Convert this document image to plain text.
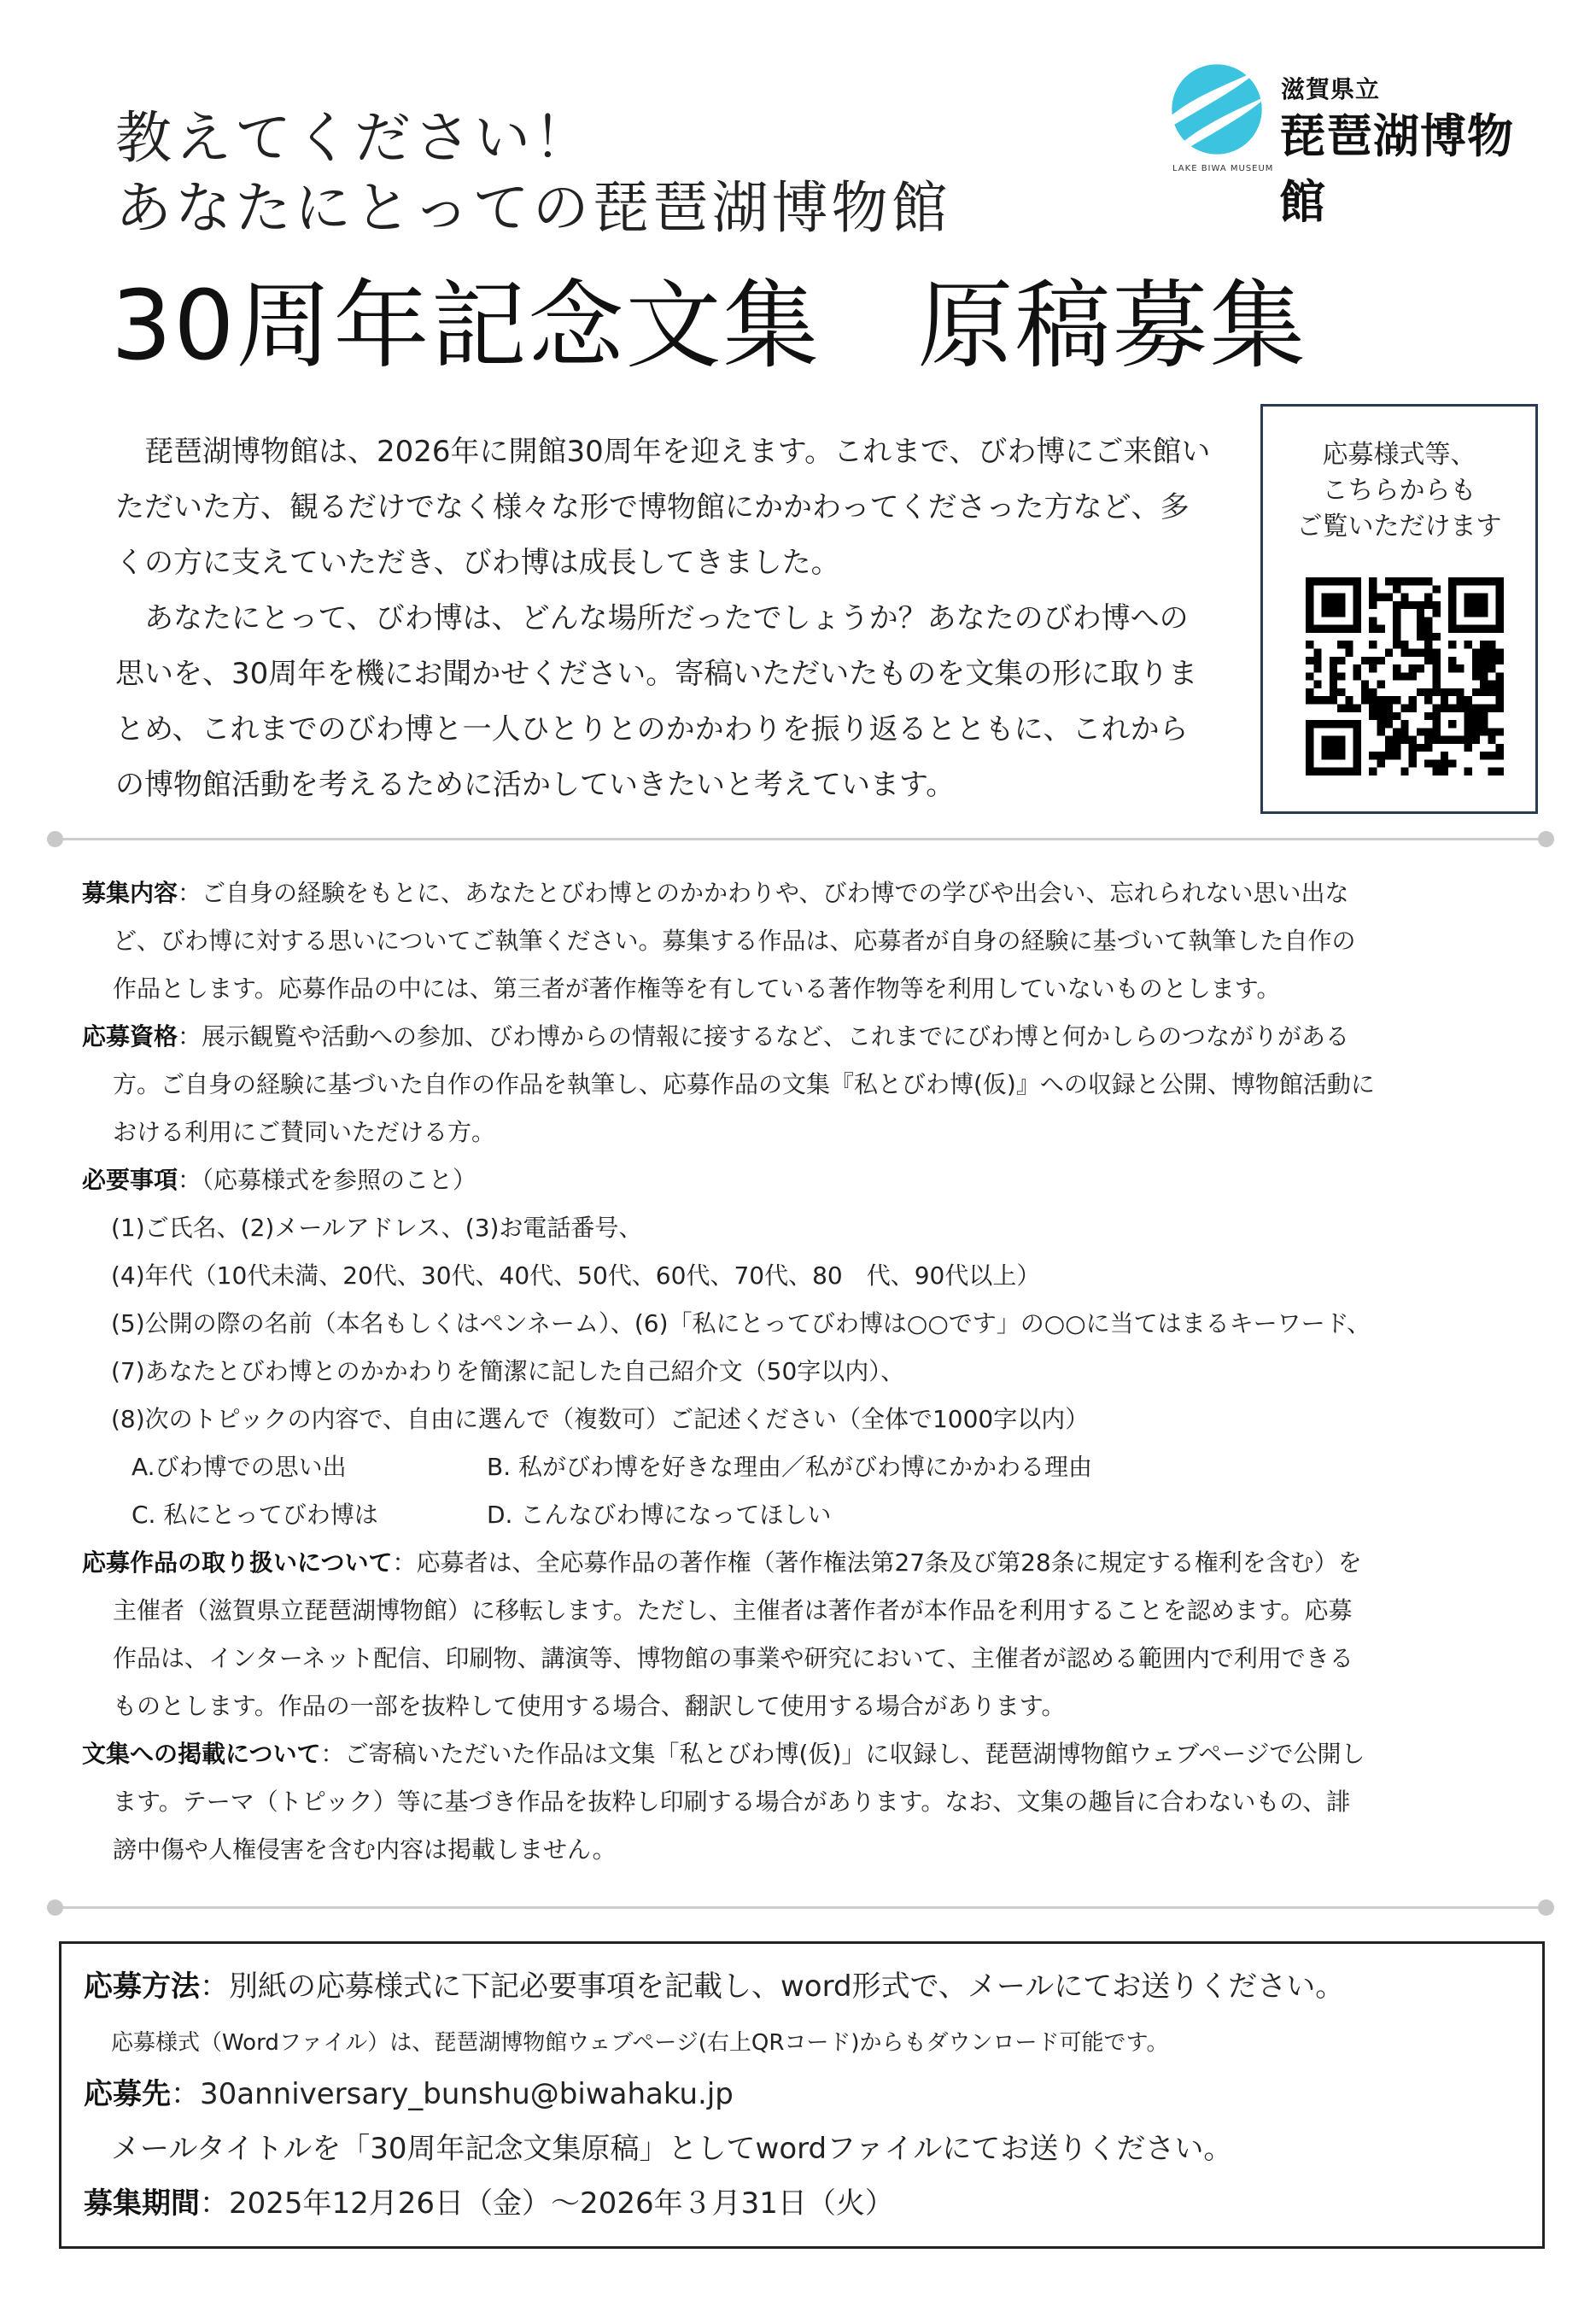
教えてください！
あなたにとっての琵琶湖博物館
30周年記念文集　原稿募集
滋賀県立
琵琶湖博物館
LAKE BIWA MUSEUM

琵琶湖博物館は、2026年に開館30周年を迎えます。これまで、びわ博にご来館いただいた方、観るだけでなく様々な形で博物館にかかわってくださった方など、多くの方に支えていただき、びわ博は成長してきました。

あなたにとって、びわ博は、どんな場所だったでしょうか？あなたのびわ博への思いを、30周年を機にお聞かせください。寄稿いただいたものを文集の形に取りまとめ、これまでのびわ博と一人ひとりとのかかわりを振り返るとともに、これからの博物館活動を考えるために活かしていきたいと考えています。

応募様式等、
こちらからも
ご覧いただけます
募集内容：ご自身の経験をもとに、あなたとびわ博とのかかわりや、びわ博での学びや出会い、忘れられない思い出な
ど、びわ博に対する思いについてご執筆ください。募集する作品は、応募者が自身の経験に基づいて執筆した自作の
作品とします。応募作品の中には、第三者が著作権等を有している著作物等を利用していないものとします。
応募資格：展示観覧や活動への参加、びわ博からの情報に接するなど、これまでにびわ博と何かしらのつながりがある
方。ご自身の経験に基づいた自作の作品を執筆し、応募作品の文集『私とびわ博(仮)』への収録と公開、博物館活動に
おける利用にご賛同いただける方。
必要事項：（応募様式を参照のこと）
(1)ご氏名、(2)メールアドレス、(3)お電話番号、
(4)年代（10代未満、20代、30代、40代、50代、60代、70代、80　代、90代以上）
(5)公開の際の名前（本名もしくはペンネーム）、(6)「私にとってびわ博は○○です」の○○に当てはまるキーワード、
(7)あなたとびわ博とのかかわりを簡潔に記した自己紹介文（50字以内）、
(8)次のトピックの内容で、自由に選んで（複数可）ご記述ください（全体で1000字以内）
A.びわ博での思い出	B. 私がびわ博を好きな理由／私がびわ博にかかわる理由
C. 私にとってびわ博は	D. こんなびわ博になってほしい
応募作品の取り扱いについて：応募者は、全応募作品の著作権（著作権法第27条及び第28条に規定する権利を含む）を
主催者（滋賀県立琵琶湖博物館）に移転します。ただし、主催者は著作者が本作品を利用することを認めます。応募
作品は、インターネット配信、印刷物、講演等、博物館の事業や研究において、主催者が認める範囲内で利用できる
ものとします。作品の一部を抜粋して使用する場合、翻訳して使用する場合があります。
文集への掲載について：ご寄稿いただいた作品は文集「私とびわ博(仮)」に収録し、琵琶湖博物館ウェブページで公開し
ます。テーマ（トピック）等に基づき作品を抜粋し印刷する場合があります。なお、文集の趣旨に合わないもの、誹
謗中傷や人権侵害を含む内容は掲載しません。
応募方法：別紙の応募様式に下記必要事項を記載し、word形式で、メールにてお送りください。
応募様式（Wordファイル）は、琵琶湖博物館ウェブページ(右上QRコード)からもダウンロード可能です。
応募先：30anniversary_bunshu@biwahaku.jp
メールタイトルを「30周年記念文集原稿」としてwordファイルにてお送りください。
募集期間：2025年12月26日（金）～2026年３月31日（火）
